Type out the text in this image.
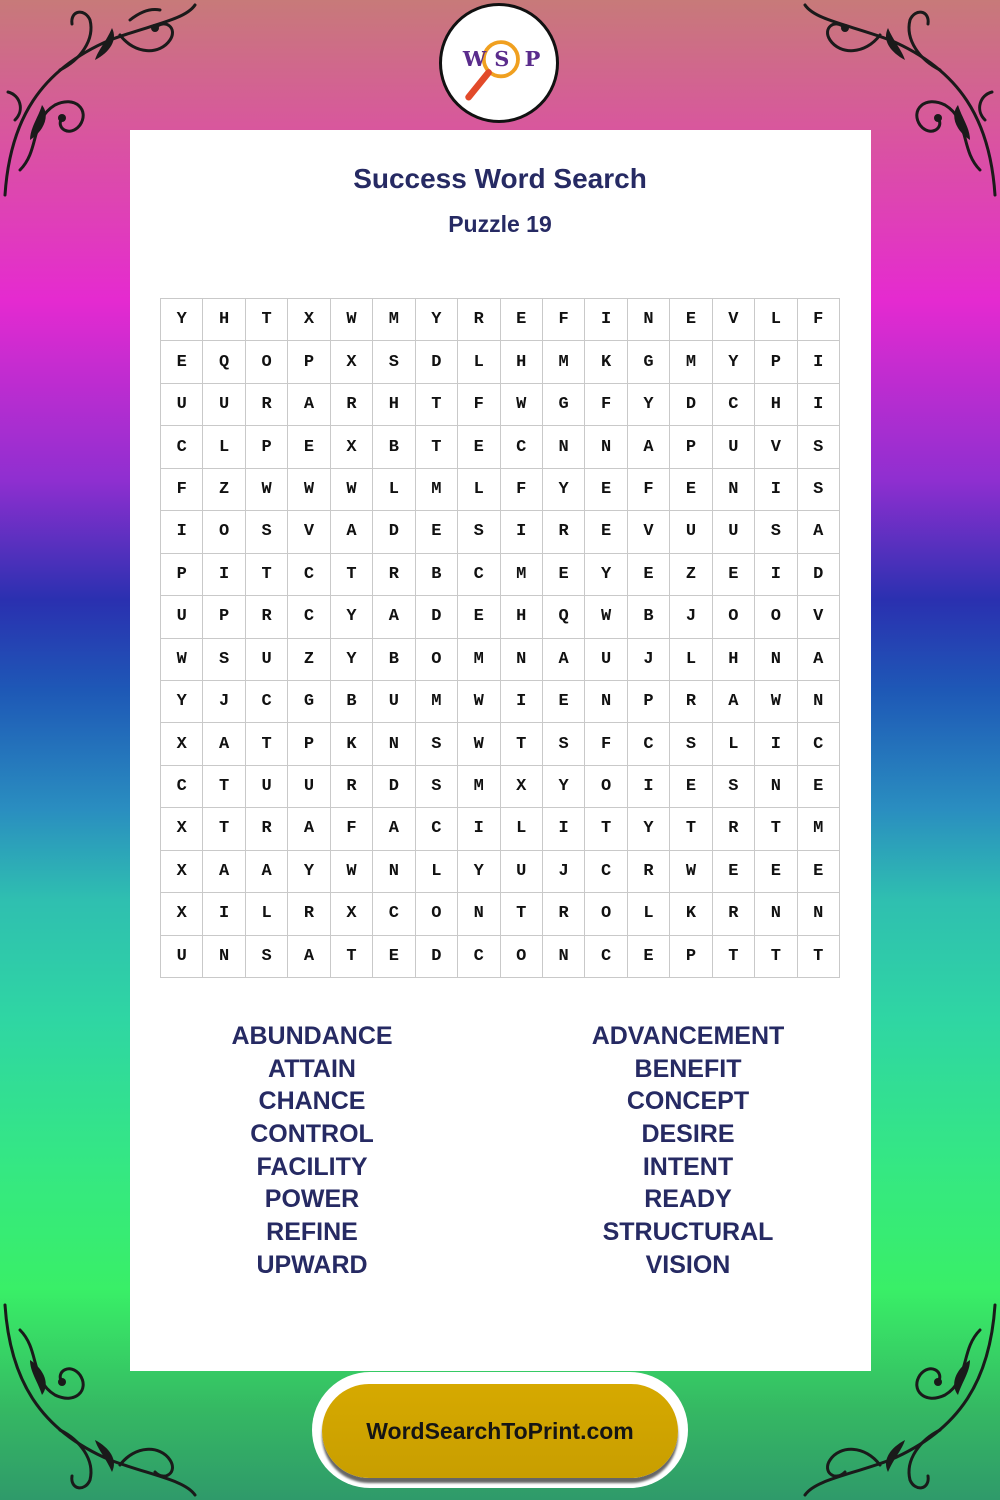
W S P
Success Word Search
Puzzle 19
Y	H	T	X	W	M	Y	R	E	F	I	N	E	V	L	F
E	Q	O	P	X	S	D	L	H	M	K	G	M	Y	P	I
U	U	R	A	R	H	T	F	W	G	F	Y	D	C	H	I
C	L	P	E	X	B	T	E	C	N	N	A	P	U	V	S
F	Z	W	W	W	L	M	L	F	Y	E	F	E	N	I	S
I	O	S	V	A	D	E	S	I	R	E	V	U	U	S	A
P	I	T	C	T	R	B	C	M	E	Y	E	Z	E	I	D
U	P	R	C	Y	A	D	E	H	Q	W	B	J	O	O	V
W	S	U	Z	Y	B	O	M	N	A	U	J	L	H	N	A
Y	J	C	G	B	U	M	W	I	E	N	P	R	A	W	N
X	A	T	P	K	N	S	W	T	S	F	C	S	L	I	C
C	T	U	U	R	D	S	M	X	Y	O	I	E	S	N	E
X	T	R	A	F	A	C	I	L	I	T	Y	T	R	T	M
X	A	A	Y	W	N	L	Y	U	J	C	R	W	E	E	E
X	I	L	R	X	C	O	N	T	R	O	L	K	R	N	N
U	N	S	A	T	E	D	C	O	N	C	E	P	T	T	T
ABUNDANCE
ATTAIN
CHANCE
CONTROL
FACILITY
POWER
REFINE
UPWARD
ADVANCEMENT
BENEFIT
CONCEPT
DESIRE
INTENT
READY
STRUCTURAL
VISION
WordSearchToPrint.com
